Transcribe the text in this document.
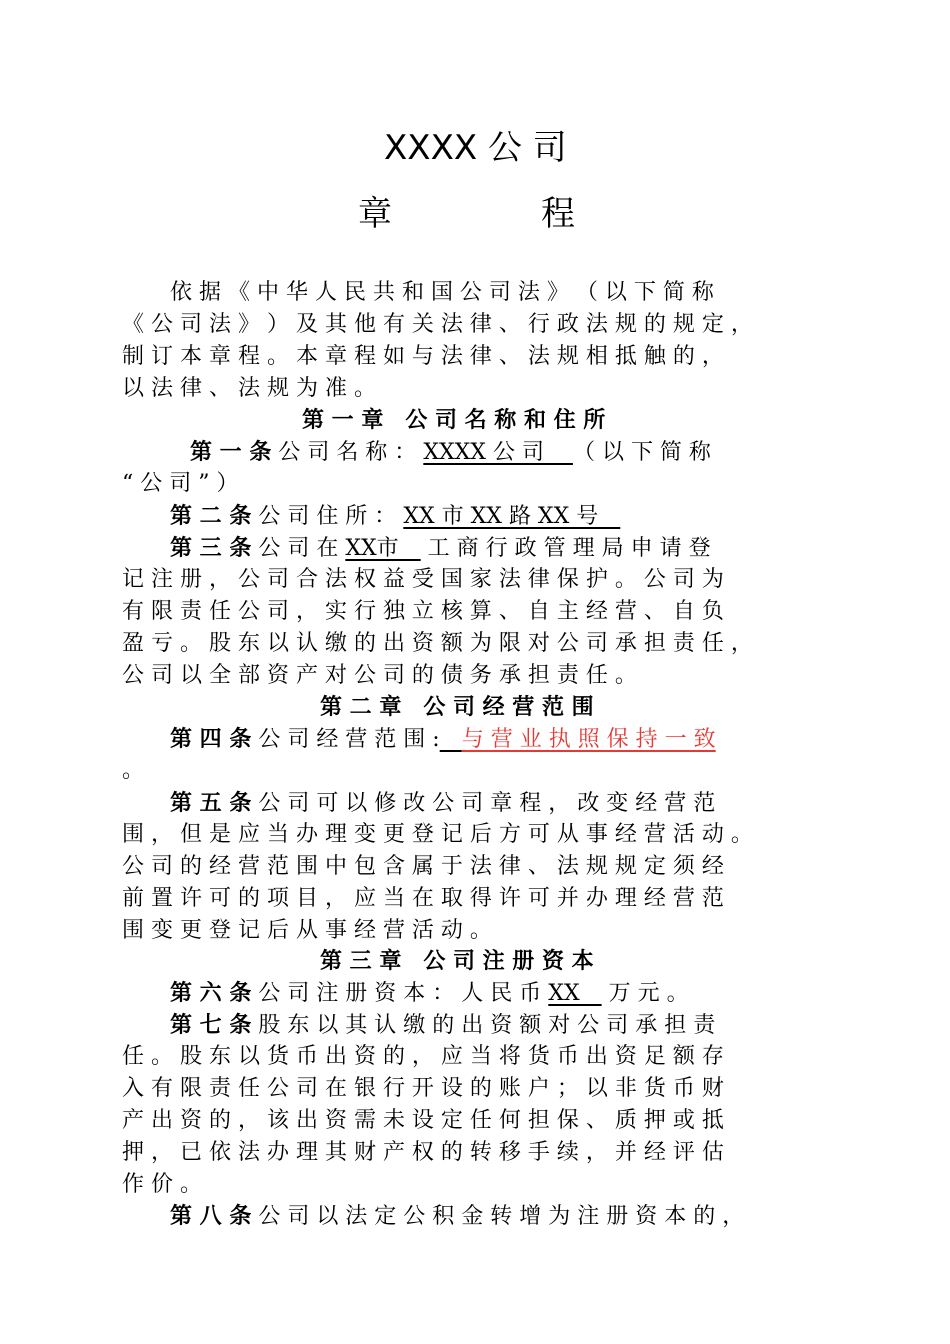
XXXX 公 司
章	程
依 据 《 中 华 人 民 共 和 国 公 司 法 》 （ 以 下 简 称
《 公 司 法 》 ） 及 其 他 有 关 法 律 、 行 政 法 规 的 规 定 ，
制 订 本 章 程 。 本 章 程 如 与 法 律 、 法 规 相 抵 触 的 ，
以 法 律 、 法 规 为 准 。
第 一 章　公 司 名 称 和 住 所
第 一 条 公 司 名 称 ： XXXX 公 司　 （ 以 下 简 称
“ 公 司 ” ）
第 二 条 公 司 住 所 ： XX 市 XX 路 XX 号　
第 三 条 公 司 在 XX市　 工 商 行 政 管 理 局 申 请 登
记 注 册 ， 公 司 合 法 权 益 受 国 家 法 律 保 护 。 公 司 为
有 限 责 任 公 司 ， 实 行 独 立 核 算 、 自 主 经 营 、 自 负
盈 亏 。 股 东 以 认 缴 的 出 资 额 为 限 对 公 司 承 担 责 任 ，
公 司 以 全 部 资 产 对 公 司 的 债 务 承 担 责 任 。
第 二 章　公 司 经 营 范 围
第 四 条 公 司 经 营 范 围 :　 与 营 业 执 照 保 持 一 致
。
第 五 条 公 司 可 以 修 改 公 司 章 程 ， 改 变 经 营 范
围 ， 但 是 应 当 办 理 变 更 登 记 后 方 可 从 事 经 营 活 动 。
公 司 的 经 营 范 围 中 包 含 属 于 法 律 、 法 规 规 定 须 经
前 置 许 可 的 项 目 ， 应 当 在 取 得 许 可 并 办 理 经 营 范
围 变 更 登 记 后 从 事 经 营 活 动 。
第 三 章　公 司 注 册 资 本
第 六 条 公 司 注 册 资 本 ： 人 民 币 XX　 万 元 。
第 七 条 股 东 以 其 认 缴 的 出 资 额 对 公 司 承 担 责
任 。 股 东 以 货 币 出 资 的 ， 应 当 将 货 币 出 资 足 额 存
入 有 限 责 任 公 司 在 银 行 开 设 的 账 户 ； 以 非 货 币 财
产 出 资 的 ， 该 出 资 需 未 设 定 任 何 担 保 、 质 押 或 抵
押 ， 已 依 法 办 理 其 财 产 权 的 转 移 手 续 ， 并 经 评 估
作 价 。
第 八 条 公 司 以 法 定 公 积 金 转 增 为 注 册 资 本 的 ，
